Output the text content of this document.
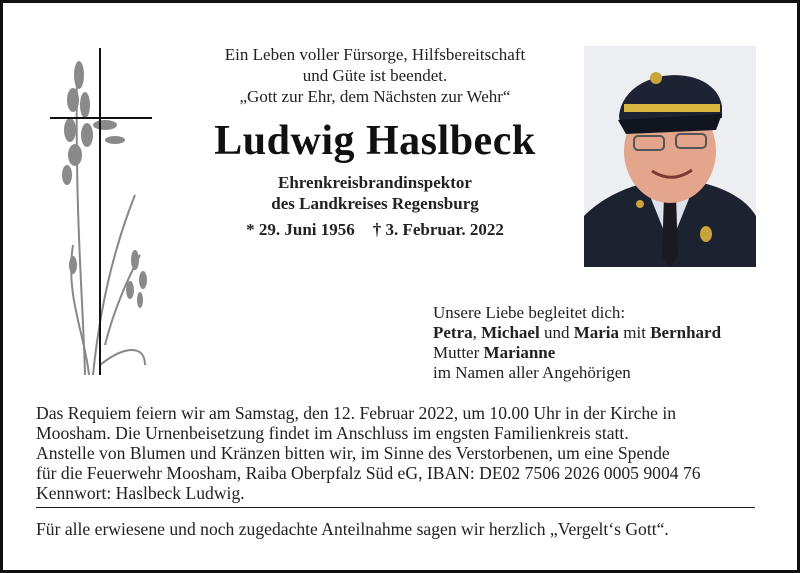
Ein Leben voller Fürsorge, Hilfsbereitschaft
und Güte ist beendet.
„Gott zur Ehr, dem Nächsten zur Wehr“
Ludwig Haslbeck
Ehrenkreisbrandinspektor
des Landkreises Regensburg
* 29. Juni 1956 † 3. Februar. 2022
Unsere Liebe begleitet dich:
Petra, Michael und Maria mit Bernhard
Mutter Marianne
im Namen aller Angehörigen
Das Requiem feiern wir am Samstag, den 12. Februar 2022, um 10.00 Uhr in der Kirche in
Moosham. Die Urnenbeisetzung findet im Anschluss im engsten Familienkreis statt.
Anstelle von Blumen und Kränzen bitten wir, im Sinne des Verstorbenen, um eine Spende
für die Feuerwehr Moosham, Raiba Oberpfalz Süd eG, IBAN: DE02 7506 2026 0005 9004 76
Kennwort: Haslbeck Ludwig.
Für alle erwiesene und noch zugedachte Anteilnahme sagen wir herzlich „Vergelt‘s Gott“.
